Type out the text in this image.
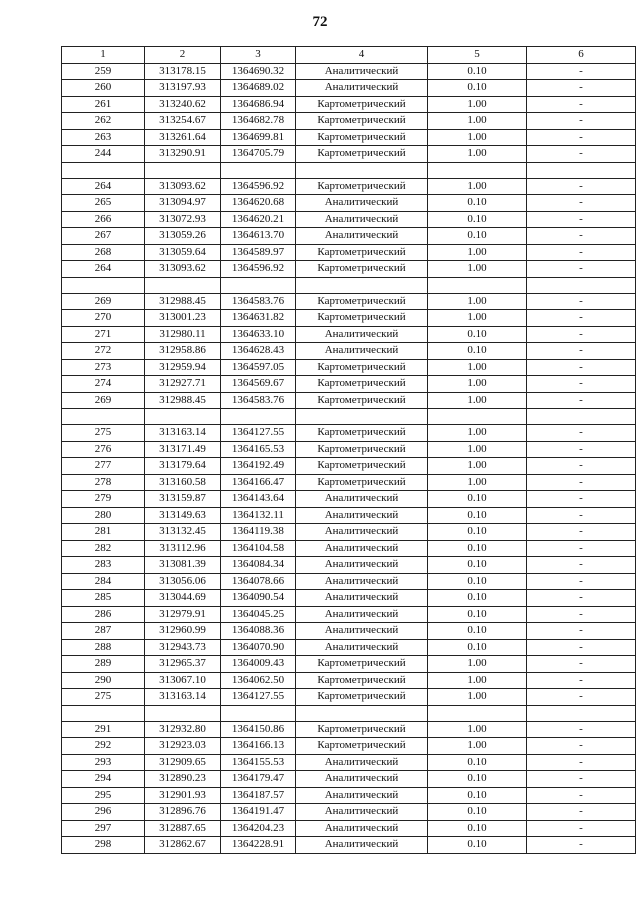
72
1	2	3	4	5	6
259	313178.15	1364690.32	Аналитический	0.10	-
260	313197.93	1364689.02	Аналитический	0.10	-
261	313240.62	1364686.94	Картометрический	1.00	-
262	313254.67	1364682.78	Картометрический	1.00	-
263	313261.64	1364699.81	Картометрический	1.00	-
244	313290.91	1364705.79	Картометрический	1.00	-

264	313093.62	1364596.92	Картометрический	1.00	-
265	313094.97	1364620.68	Аналитический	0.10	-
266	313072.93	1364620.21	Аналитический	0.10	-
267	313059.26	1364613.70	Аналитический	0.10	-
268	313059.64	1364589.97	Картометрический	1.00	-
264	313093.62	1364596.92	Картометрический	1.00	-

269	312988.45	1364583.76	Картометрический	1.00	-
270	313001.23	1364631.82	Картометрический	1.00	-
271	312980.11	1364633.10	Аналитический	0.10	-
272	312958.86	1364628.43	Аналитический	0.10	-
273	312959.94	1364597.05	Картометрический	1.00	-
274	312927.71	1364569.67	Картометрический	1.00	-
269	312988.45	1364583.76	Картометрический	1.00	-

275	313163.14	1364127.55	Картометрический	1.00	-
276	313171.49	1364165.53	Картометрический	1.00	-
277	313179.64	1364192.49	Картометрический	1.00	-
278	313160.58	1364166.47	Картометрический	1.00	-
279	313159.87	1364143.64	Аналитический	0.10	-
280	313149.63	1364132.11	Аналитический	0.10	-
281	313132.45	1364119.38	Аналитический	0.10	-
282	313112.96	1364104.58	Аналитический	0.10	-
283	313081.39	1364084.34	Аналитический	0.10	-
284	313056.06	1364078.66	Аналитический	0.10	-
285	313044.69	1364090.54	Аналитический	0.10	-
286	312979.91	1364045.25	Аналитический	0.10	-
287	312960.99	1364088.36	Аналитический	0.10	-
288	312943.73	1364070.90	Аналитический	0.10	-
289	312965.37	1364009.43	Картометрический	1.00	-
290	313067.10	1364062.50	Картометрический	1.00	-
275	313163.14	1364127.55	Картометрический	1.00	-

291	312932.80	1364150.86	Картометрический	1.00	-
292	312923.03	1364166.13	Картометрический	1.00	-
293	312909.65	1364155.53	Аналитический	0.10	-
294	312890.23	1364179.47	Аналитический	0.10	-
295	312901.93	1364187.57	Аналитический	0.10	-
296	312896.76	1364191.47	Аналитический	0.10	-
297	312887.65	1364204.23	Аналитический	0.10	-
298	312862.67	1364228.91	Аналитический	0.10	-
